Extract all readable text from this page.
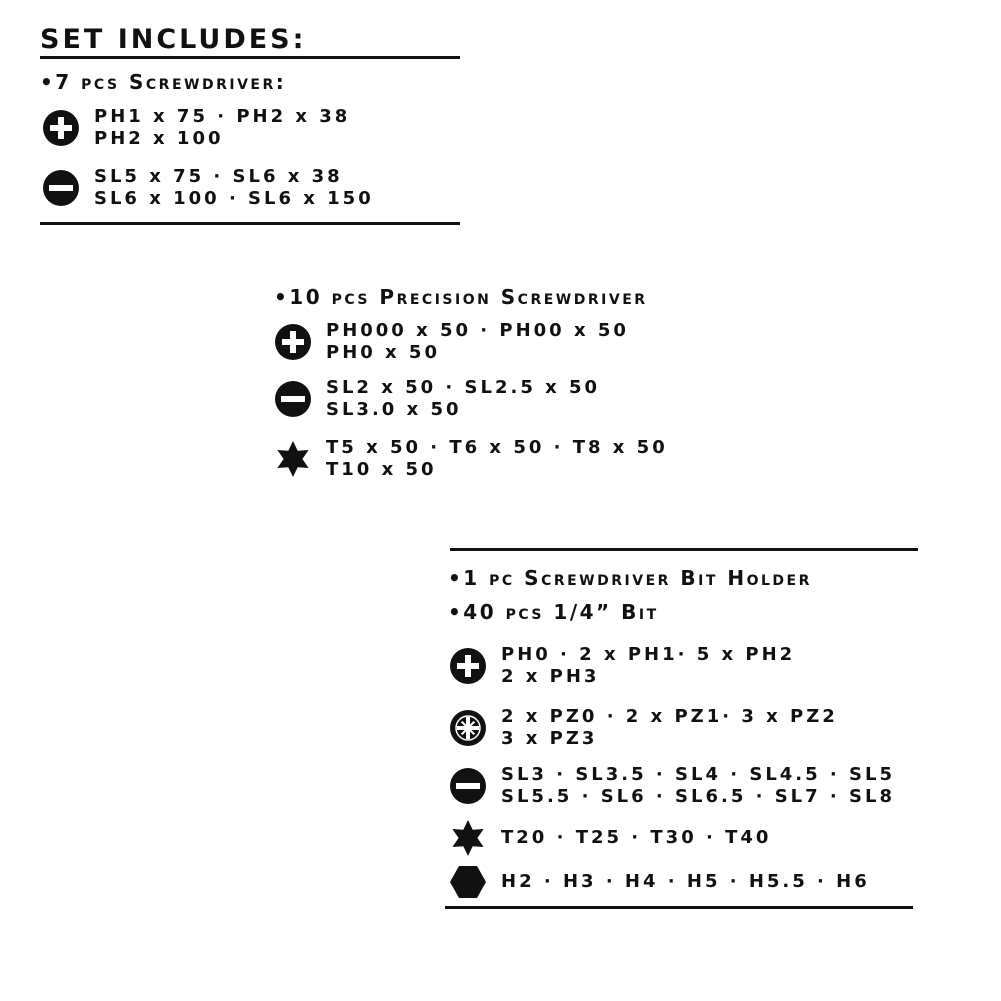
SET INCLUDES:
•7 pcs Screwdriver:
PH1 x 75 · PH2 x 38
PH2 x 100
SL5 x 75 · SL6 x 38
SL6 x 100 · SL6 x 150
•10 pcs Precision Screwdriver
PH000 x 50 · PH00 x 50
PH0 x 50
SL2 x 50 · SL2.5 x 50
SL3.0 x 50
T5 x 50 · T6 x 50 · T8 x 50
T10 x 50
•1 pc Screwdriver Bit Holder
•40 pcs 1/4” Bit
PH0 · 2 x PH1· 5 x PH2
2 x PH3
2 x PZ0 · 2 x PZ1· 3 x PZ2
3 x PZ3
SL3 · SL3.5 · SL4 · SL4.5 · SL5
SL5.5 · SL6 · SL6.5 · SL7 · SL8
T20 · T25 · T30 · T40
H2 · H3 · H4 · H5 · H5.5 · H6
